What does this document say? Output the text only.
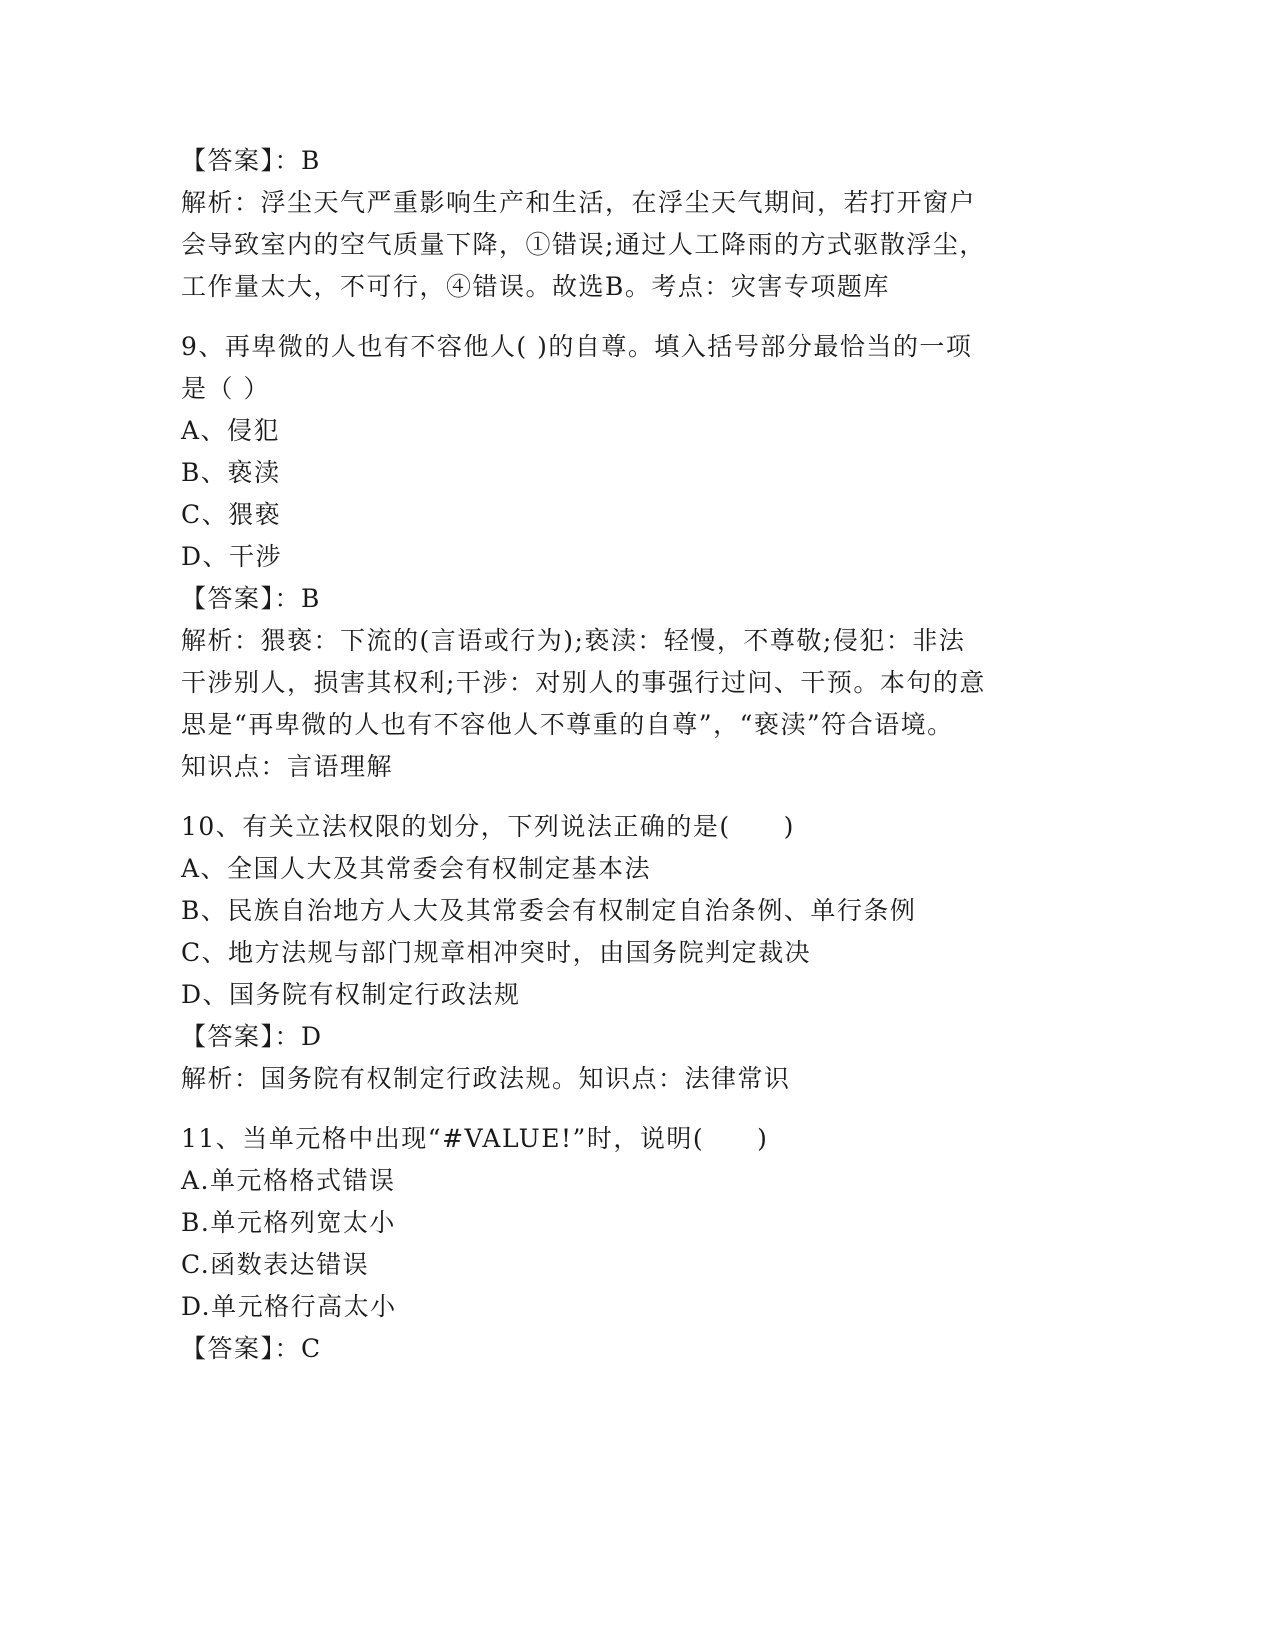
【答案】：B
解析：浮尘天气严重影响生产和生活，在浮尘天气期间，若打开窗户
会导致室内的空气质量下降，①错误;通过人工降雨的方式驱散浮尘，
工作量太大，不可行，④错误。故选B。考点：灾害专项题库
9、再卑微的人也有不容他人( )的自尊。填入括号部分最恰当的一项
是（ ）
A、侵犯
B、亵渎
C、猥亵
D、干涉
【答案】：B
解析：猥亵：下流的(言语或行为);亵渎：轻慢，不尊敬;侵犯：非法
干涉别人，损害其权利;干涉：对别人的事强行过问、干预。本句的意
思是“再卑微的人也有不容他人不尊重的自尊”，“亵渎”符合语境。
知识点：言语理解
10、有关立法权限的划分，下列说法正确的是(　　)
A、全国人大及其常委会有权制定基本法
B、民族自治地方人大及其常委会有权制定自治条例、单行条例
C、地方法规与部门规章相冲突时，由国务院判定裁决
D、国务院有权制定行政法规
【答案】：D
解析：国务院有权制定行政法规。知识点：法律常识
11、当单元格中出现“#VALUE!”时，说明(　　)
A.单元格格式错误
B.单元格列宽太小
C.函数表达错误
D.单元格行高太小
【答案】：C
